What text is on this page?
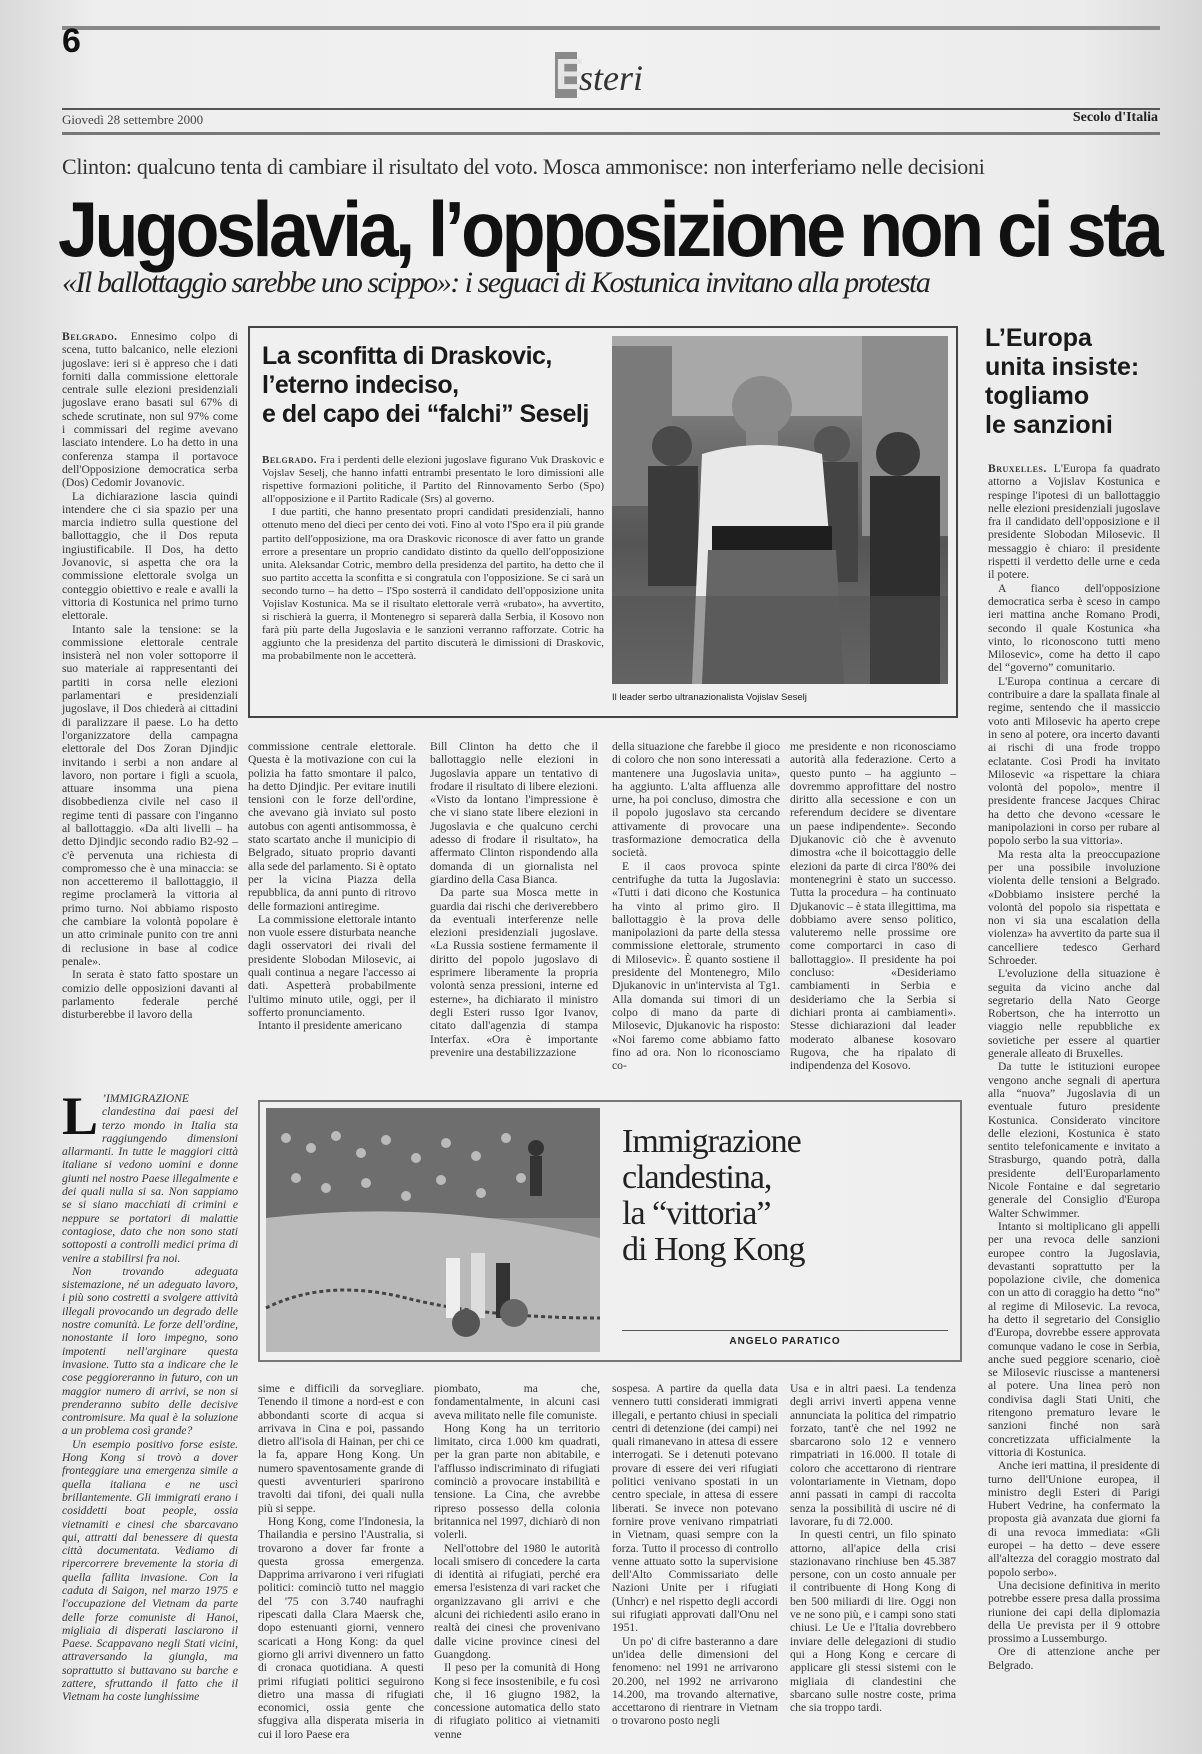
6
E
steri
Giovedì 28 settembre 2000	Secolo d'Italia
Clinton: qualcuno tenta di cambiare il risultato del voto. Mosca ammonisce: non interferiamo nelle decisioni
Jugoslavia, l’opposizione non ci sta
«Il ballottaggio sarebbe uno scippo»: i seguaci di Kostunica invitano alla protesta

Belgrado. Ennesimo colpo di scena, tutto balcanico, nelle elezioni jugoslave: ieri si è appreso che i dati forniti dalla commissione elettorale centrale sulle elezioni presidenziali jugoslave erano basati sul 67% di schede scrutinate, non sul 97% come i commissari del regime avevano lasciato intendere. Lo ha detto in una conferenza stampa il portavoce dell'Opposizione democratica serba (Dos) Cedomir Jovanovic.

La dichiarazione lascia quindi intendere che ci sia spazio per una marcia indietro sulla questione del ballottaggio, che il Dos reputa ingiustificabile. Il Dos, ha detto Jovanovic, si aspetta che ora la commissione elettorale svolga un conteggio obiettivo e reale e avalli la vittoria di Kostunica nel primo turno elettorale.

Intanto sale la tensione: se la commissione elettorale centrale insisterà nel non voler sottoporre il suo materiale ai rappresentanti dei partiti in corsa nelle elezioni parlamentari e presidenziali jugoslave, il Dos chiederà ai cittadini di paralizzare il paese. Lo ha detto l'organizzatore della campagna elettorale del Dos Zoran Djindjic invitando i serbi a non andare al lavoro, non portare i figli a scuola, attuare insomma una piena disobbedienza civile nel caso il regime tenti di passare con l'inganno al ballottaggio. «Da alti livelli – ha detto Djindjic secondo radio B2-92 – c'è pervenuta una richiesta di compromesso che è una minaccia: se non accetteremo il ballottaggio, il regime proclamerà la vittoria al primo turno. Noi abbiamo risposto che cambiare la volontà popolare è un atto criminale punito con tre anni di reclusione in base al codice penale».

In serata è stato fatto spostare un comizio delle opposizioni davanti al parlamento federale perché disturberebbe il lavoro della

La sconfitta di Draskovic,
l’eterno indeciso,
e del capo dei “falchi” Seselj

Belgrado. Fra i perdenti delle elezioni jugoslave figurano Vuk Draskovic e Vojslav Seselj, che hanno infatti entrambi presentato le loro dimissioni alle rispettive formazioni politiche, il Partito del Rinnovamento Serbo (Spo) all'opposizione e il Partito Radicale (Srs) al governo.

I due partiti, che hanno presentato propri candidati presidenziali, hanno ottenuto meno del dieci per cento dei voti. Fino al voto l'Spo era il più grande partito dell'opposizione, ma ora Draskovic riconosce di aver fatto un grande errore a presentare un proprio candidato distinto da quello dell'opposizione unita. Aleksandar Cotric, membro della presidenza del partito, ha detto che il suo partito accetta la sconfitta e si congratula con l'opposizione. Se ci sarà un secondo turno – ha detto – l'Spo sosterrà il candidato dell'opposizione unita Vojislav Kostunica. Ma se il risultato elettorale verrà «rubato», ha avvertito, si rischierà la guerra, il Montenegro si separerà dalla Serbia, il Kosovo non farà più parte della Jugoslavia e le sanzioni verranno rafforzate. Cotric ha aggiunto che la presidenza del partito discuterà le dimissioni di Draskovic, ma probabilmente non le accetterà.

Il leader serbo ultranazionalista Vojislav Seselj

commissione centrale elettorale. Questa è la motivazione con cui la polizia ha fatto smontare il palco, ha detto Djindjic. Per evitare inutili tensioni con le forze dell'ordine, che avevano già inviato sul posto autobus con agenti antisommossa, è stato scartato anche il municipio di Belgrado, situato proprio davanti alla sede del parlamento. Si è optato per la vicina Piazza della repubblica, da anni punto di ritrovo delle formazioni antiregime.

La commissione elettorale intanto non vuole essere disturbata neanche dagli osservatori dei rivali del presidente Slobodan Milosevic, ai quali continua a negare l'accesso ai dati. Aspetterà probabilmente l'ultimo minuto utile, oggi, per il sofferto pronunciamento.

Intanto il presidente americano

Bill Clinton ha detto che il ballottaggio nelle elezioni in Jugoslavia appare un tentativo di frodare il risultato di libere elezioni. «Visto da lontano l'impressione è che vi siano state libere elezioni in Jugoslavia e che qualcuno cerchi adesso di frodare il risultato», ha affermato Clinton rispondendo alla domanda di un giornalista nel giardino della Casa Bianca.

Da parte sua Mosca mette in guardia dai rischi che deriverebbero da eventuali interferenze nelle elezioni presidenziali jugoslave. «La Russia sostiene fermamente il diritto del popolo jugoslavo di esprimere liberamente la propria volontà senza pressioni, interne ed esterne», ha dichiarato il ministro degli Esteri russo Igor Ivanov, citato dall'agenzia di stampa Interfax. «Ora è importante prevenire una destabilizzazione

della situazione che farebbe il gioco di coloro che non sono interessati a mantenere una Jugoslavia unita», ha aggiunto. L'alta affluenza alle urne, ha poi concluso, dimostra che il popolo jugoslavo sta cercando attivamente di provocare una trasformazione democratica della società.

E il caos provoca spinte centrifughe da tutta la Jugoslavia: «Tutti i dati dicono che Kostunica ha vinto al primo giro. Il ballottaggio è la prova delle manipolazioni da parte della stessa commissione elettorale, strumento di Milosevic». È quanto sostiene il presidente del Montenegro, Milo Djukanovic in un'intervista al Tg1. Alla domanda sui timori di un colpo di mano da parte di Milosevic, Djukanovic ha risposto: «Noi faremo come abbiamo fatto fino ad ora. Non lo riconosciamo co-

me presidente e non riconosciamo autorità alla federazione. Certo a questo punto – ha aggiunto – dovremmo approfittare del nostro diritto alla secessione e con un referendum decidere se diventare un paese indipendente». Secondo Djukanovic ciò che è avvenuto dimostra «che il boicottaggio delle elezioni da parte di circa l'80% dei montenegrini è stato un successo. Tutta la procedura – ha continuato Djukanovic – è stata illegittima, ma dobbiamo avere senso politico, valuteremo nelle prossime ore come comportarci in caso di ballottaggio». Il presidente ha poi concluso: «Desideriamo cambiamenti in Serbia e desideriamo che la Serbia si dichiari pronta ai cambiamenti». Stesse dichiarazioni dal leader moderato albanese kosovaro Rugova, che ha ripalato di indipendenza del Kosovo.

L’Europa
unita insiste:
togliamo
le sanzioni

Bruxelles. L'Europa fa quadrato attorno a Vojislav Kostunica e respinge l'ipotesi di un ballottaggio nelle elezioni presidenziali jugoslave fra il candidato dell'opposizione e il presidente Slobodan Milosevic. Il messaggio è chiaro: il presidente rispetti il verdetto delle urne e ceda il potere.

A fianco dell'opposizione democratica serba è sceso in campo ieri mattina anche Romano Prodi, secondo il quale Kostunica «ha vinto, lo riconoscono tutti meno Milosevic», come ha detto il capo del “governo” comunitario.

L'Europa continua a cercare di contribuire a dare la spallata finale al regime, sentendo che il massiccio voto anti Milosevic ha aperto crepe in seno al potere, ora incerto davanti ai rischi di una frode troppo eclatante. Così Prodi ha invitato Milosevic «a rispettare la chiara volontà del popolo», mentre il presidente francese Jacques Chirac ha detto che devono «cessare le manipolazioni in corso per rubare al popolo serbo la sua vittoria».

Ma resta alta la preoccupazione per una possibile involuzione violenta delle tensioni a Belgrado. «Dobbiamo insistere perché la volontà del popolo sia rispettata e non vi sia una escalation della violenza» ha avvertito da parte sua il cancelliere tedesco Gerhard Schroeder.

L'evoluzione della situazione è seguita da vicino anche dal segretario della Nato George Robertson, che ha interrotto un viaggio nelle repubbliche ex sovietiche per essere al quartier generale alleato di Bruxelles.

Da tutte le istituzioni europee vengono anche segnali di apertura alla “nuova” Jugoslavia di un eventuale futuro presidente Kostunica. Considerato vincitore delle elezioni, Kostunica è stato sentito telefonicamente e invitato a Strasburgo, quando potrà, dalla presidente dell'Europarlamento Nicole Fontaine e dal segretario generale del Consiglio d'Europa Walter Schwimmer.

Intanto si moltiplicano gli appelli per una revoca delle sanzioni europee contro la Jugoslavia, devastanti soprattutto per la popolazione civile, che domenica con un atto di coraggio ha detto “no” al regime di Milosevic. La revoca, ha detto il segretario del Consiglio d'Europa, dovrebbe essere approvata comunque vadano le cose in Serbia, anche sued peggiore scenario, cioè se Milosevic riuscisse a mantenersi al potere. Una linea però non condivisa dagli Stati Uniti, che ritengono prematuro levare le sanzioni finché non sarà concretizzata ufficialmente la vittoria di Kostunica.

Anche ieri mattina, il presidente di turno dell'Unione europea, il ministro degli Esteri di Parigi Hubert Vedrine, ha confermato la proposta già avanzata due giorni fa di una revoca immediata: «Gli europei – ha detto – deve essere all'altezza del coraggio mostrato dal popolo serbo».

Una decisione definitiva in merito potrebbe essere presa dalla prossima riunione dei capi della diplomazia della Ue prevista per il 9 ottobre prossimo a Lussemburgo.

Ore di attenzione anche per Belgrado.

L ’IMMIGRAZIONE clandestina dai paesi del terzo mondo in Italia sta raggiungendo dimensioni allarmanti. In tutte le maggiori città italiane si vedono uomini e donne giunti nel nostro Paese illegalmente e dei quali nulla si sa. Non sappiamo se si siano macchiati di crimini e neppure se portatori di malattie contagiose, dato che non sono stati sottoposti a controlli medici prima di venire a stabilirsi fra noi.

Non trovando adeguata sistemazione, né un adeguato lavoro, i più sono costretti a svolgere attività illegali provocando un degrado delle nostre comunità. Le forze dell'ordine, nonostante il loro impegno, sono impotenti nell'arginare questa invasione. Tutto sta a indicare che le cose peggioreranno in futuro, con un maggior numero di arrivi, se non si prenderanno subito delle decisive contromisure. Ma qual è la soluzione a un problema così grande?

Un esempio positivo forse esiste. Hong Kong si trovò a dover fronteggiare una emergenza simile a quella italiana e ne uscì brillantemente. Gli immigrati erano i cosiddetti boat people, ossia vietnamiti e cinesi che sbarcavano qui, attratti dal benessere di questa città documentata. Vediamo di ripercorrere brevemente la storia di quella fallita invasione. Con la caduta di Saigon, nel marzo 1975 e l'occupazione del Vietnam da parte delle forze comuniste di Hanoi, migliaia di disperati lasciarono il Paese. Scappavano negli Stati vicini, attraversando la giungla, ma soprattutto si buttavano su barche e zattere, sfruttando il fatto che il Vietnam ha coste lunghissime

Immigrazione
clandestina,
la “vittoria”
di Hong Kong
ANGELO PARATICO

sime e difficili da sorvegliare. Tenendo il timone a nord-est e con abbondanti scorte di acqua si arrivava in Cina e poi, passando dietro all'isola di Hainan, per chi ce la fa, appare Hong Kong. Un numero spaventosamente grande di questi avventurieri sparirono travolti dai tifoni, dei quali nulla più si seppe.

Hong Kong, come l'Indonesia, la Thailandia e persino l'Australia, si trovarono a dover far fronte a questa grossa emergenza. Dapprima arrivarono i veri rifugiati politici: cominciò tutto nel maggio del '75 con 3.740 naufraghi ripescati dalla Clara Maersk che, dopo estenuanti giorni, vennero scaricati a Hong Kong: da quel giorno gli arrivi divennero un fatto di cronaca quotidiana. A questi primi rifugiati politici seguirono dietro una massa di rifugiati economici, ossia gente che sfuggiva alla disperata miseria in cui il loro Paese era

piombato, ma che, fondamentalmente, in alcuni casi aveva militato nelle file comuniste.

Hong Kong ha un territorio limitato, circa 1.000 km quadrati, per la gran parte non abitabile, e l'afflusso indiscriminato di rifugiati cominciò a provocare instabilità e tensione. La Cina, che avrebbe ripreso possesso della colonia britannica nel 1997, dichiarò di non volerli.

Nell'ottobre del 1980 le autorità locali smisero di concedere la carta di identità ai rifugiati, perché era emersa l'esistenza di vari racket che organizzavano gli arrivi e che alcuni dei richiedenti asilo erano in realtà dei cinesi che provenivano dalle vicine province cinesi del Guangdong.

Il peso per la comunità di Hong Kong si fece insostenibile, e fu così che, il 16 giugno 1982, la concessione automatica dello stato di rifugiato politico ai vietnamiti venne

sospesa. A partire da quella data vennero tutti considerati immigrati illegali, e pertanto chiusi in speciali centri di detenzione (dei campi) nei quali rimanevano in attesa di essere interrogati. Se i detenuti potevano provare di essere dei veri rifugiati politici venivano spostati in un centro speciale, in attesa di essere liberati. Se invece non potevano fornire prove venivano rimpatriati in Vietnam, quasi sempre con la forza. Tutto il processo di controllo venne attuato sotto la supervisione dell'Alto Commissariato delle Nazioni Unite per i rifugiati (Unhcr) e nel rispetto degli accordi sui rifugiati approvati dall'Onu nel 1951.

Un po' di cifre basteranno a dare un'idea delle dimensioni del fenomeno: nel 1991 ne arrivarono 20.200, nel 1992 ne arrivarono 14.200, ma trovando alternative, accettarono di rientrare in Vietnam o trovarono posto negli

Usa e in altri paesi. La tendenza degli arrivi invertì appena venne annunciata la politica del rimpatrio forzato, tant'è che nel 1992 ne sbarcarono solo 12 e vennero rimpatriati in 16.000. Il totale di coloro che accettarono di rientrare volontariamente in Vietnam, dopo anni passati in campi di raccolta senza la possibilità di uscire né di lavorare, fu di 72.000.

In questi centri, un filo spinato attorno, all'apice della crisi stazionavano rinchiuse ben 45.387 persone, con un costo annuale per il contribuente di Hong Kong di ben 500 miliardi di lire. Oggi non ve ne sono più, e i campi sono stati chiusi. Le Ue e l'Italia dovrebbero inviare delle delegazioni di studio qui a Hong Kong e cercare di applicare gli stessi sistemi con le migliaia di clandestini che sbarcano sulle nostre coste, prima che sia troppo tardi.
